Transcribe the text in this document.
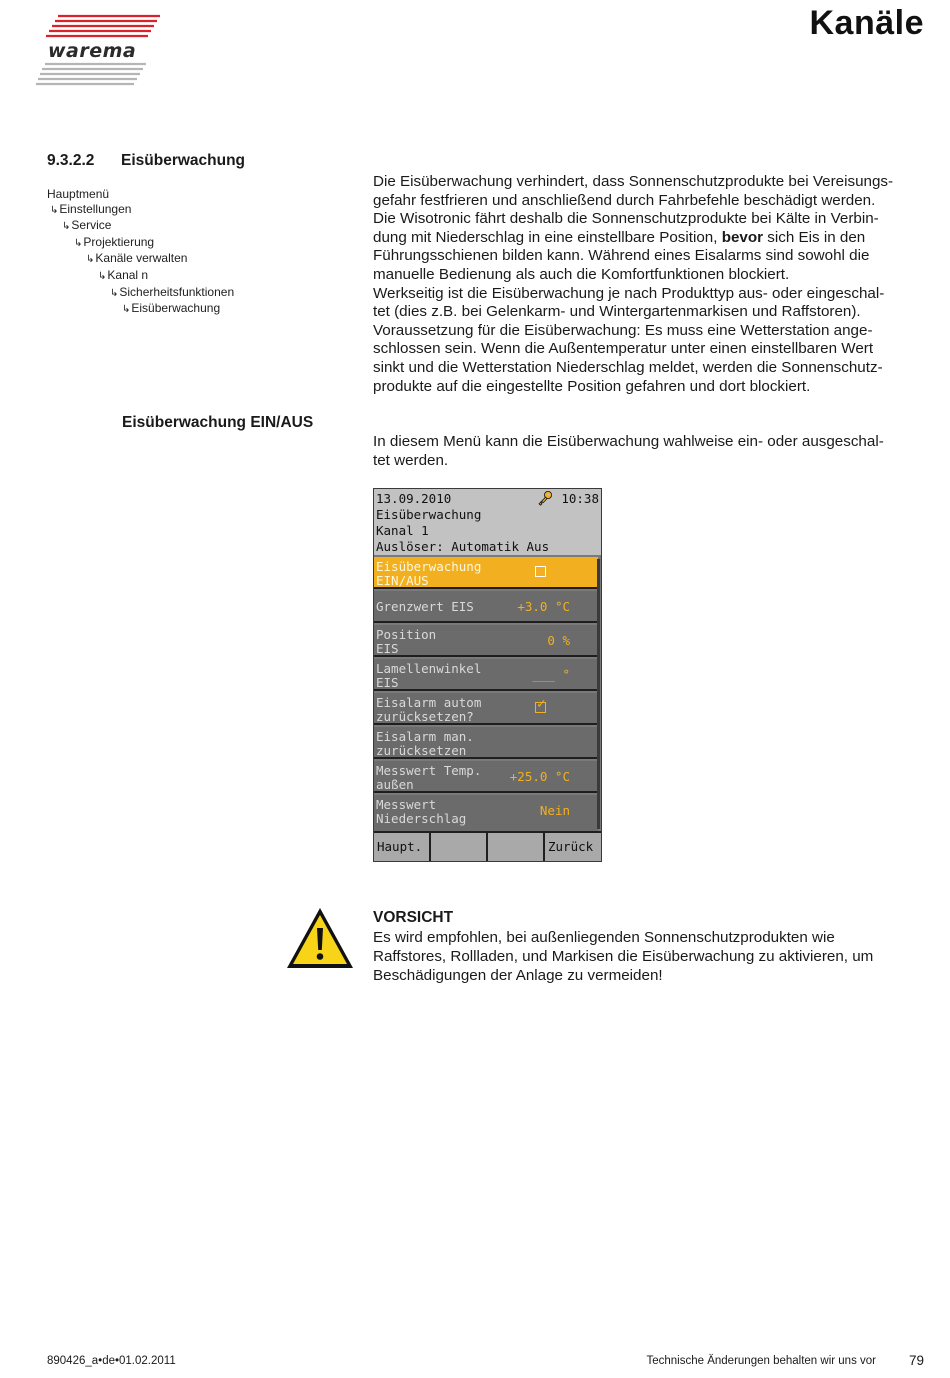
warema
Kanäle
9.3.2.2 Eisüberwachung
Hauptmenü
↳Einstellungen
↳Service
↳Projektierung
↳Kanäle verwalten
↳Kanal n
↳Sicherheitsfunktionen
↳Eisüberwachung
Die Eisüberwachung verhindert, dass Sonnenschutzprodukte bei Vereisungs-
gefahr festfrieren und anschließend durch Fahrbefehle beschädigt werden.
Die Wisotronic fährt deshalb die Sonnenschutzprodukte bei Kälte in Verbin-
dung mit Niederschlag in eine einstellbare Position, bevor sich Eis in den
Führungsschienen bilden kann. Während eines Eisalarms sind sowohl die
manuelle Bedienung als auch die Komfortfunktionen blockiert.
Werkseitig ist die Eisüberwachung je nach Produkttyp aus- oder eingeschal-
tet (dies z.B. bei Gelenkarm- und Wintergartenmarkisen und Raffstoren).
Voraussetzung für die Eisüberwachung: Es muss eine Wetterstation ange-
schlossen sein. Wenn die Außentemperatur unter einen einstellbaren Wert
sinkt und die Wetterstation Niederschlag meldet, werden die Sonnenschutz-
produkte auf die eingestellte Position gefahren und dort blockiert.
Eisüberwachung EIN/AUS
In diesem Menü kann die Eisüberwachung wahlweise ein- oder ausgeschal-
tet werden.
13.09.2010	10:38
Eisüberwachung
Kanal 1
Auslöser: Automatik Aus
Eisüberwachung
EIN/AUS
Grenzwert EIS	+3.0 °C
Position
EIS	0 %
Lamellenwinkel
EIS	___ °
Eisalarm autom
zurücksetzen?
✓
Eisalarm man.
zurücksetzen
Messwert Temp.
außen	+25.0 °C
Messwert
Niederschlag	Nein
Haupt.	Zurück
VORSICHT
Es wird empfohlen, bei außenliegenden Sonnenschutzprodukten wie
Raffstores, Rollladen, und Markisen die Eisüberwachung zu aktivieren, um
Beschädigungen der Anlage zu vermeiden!
890426_a•de•01.02.2011	Technische Änderungen behalten wir uns vor 79
